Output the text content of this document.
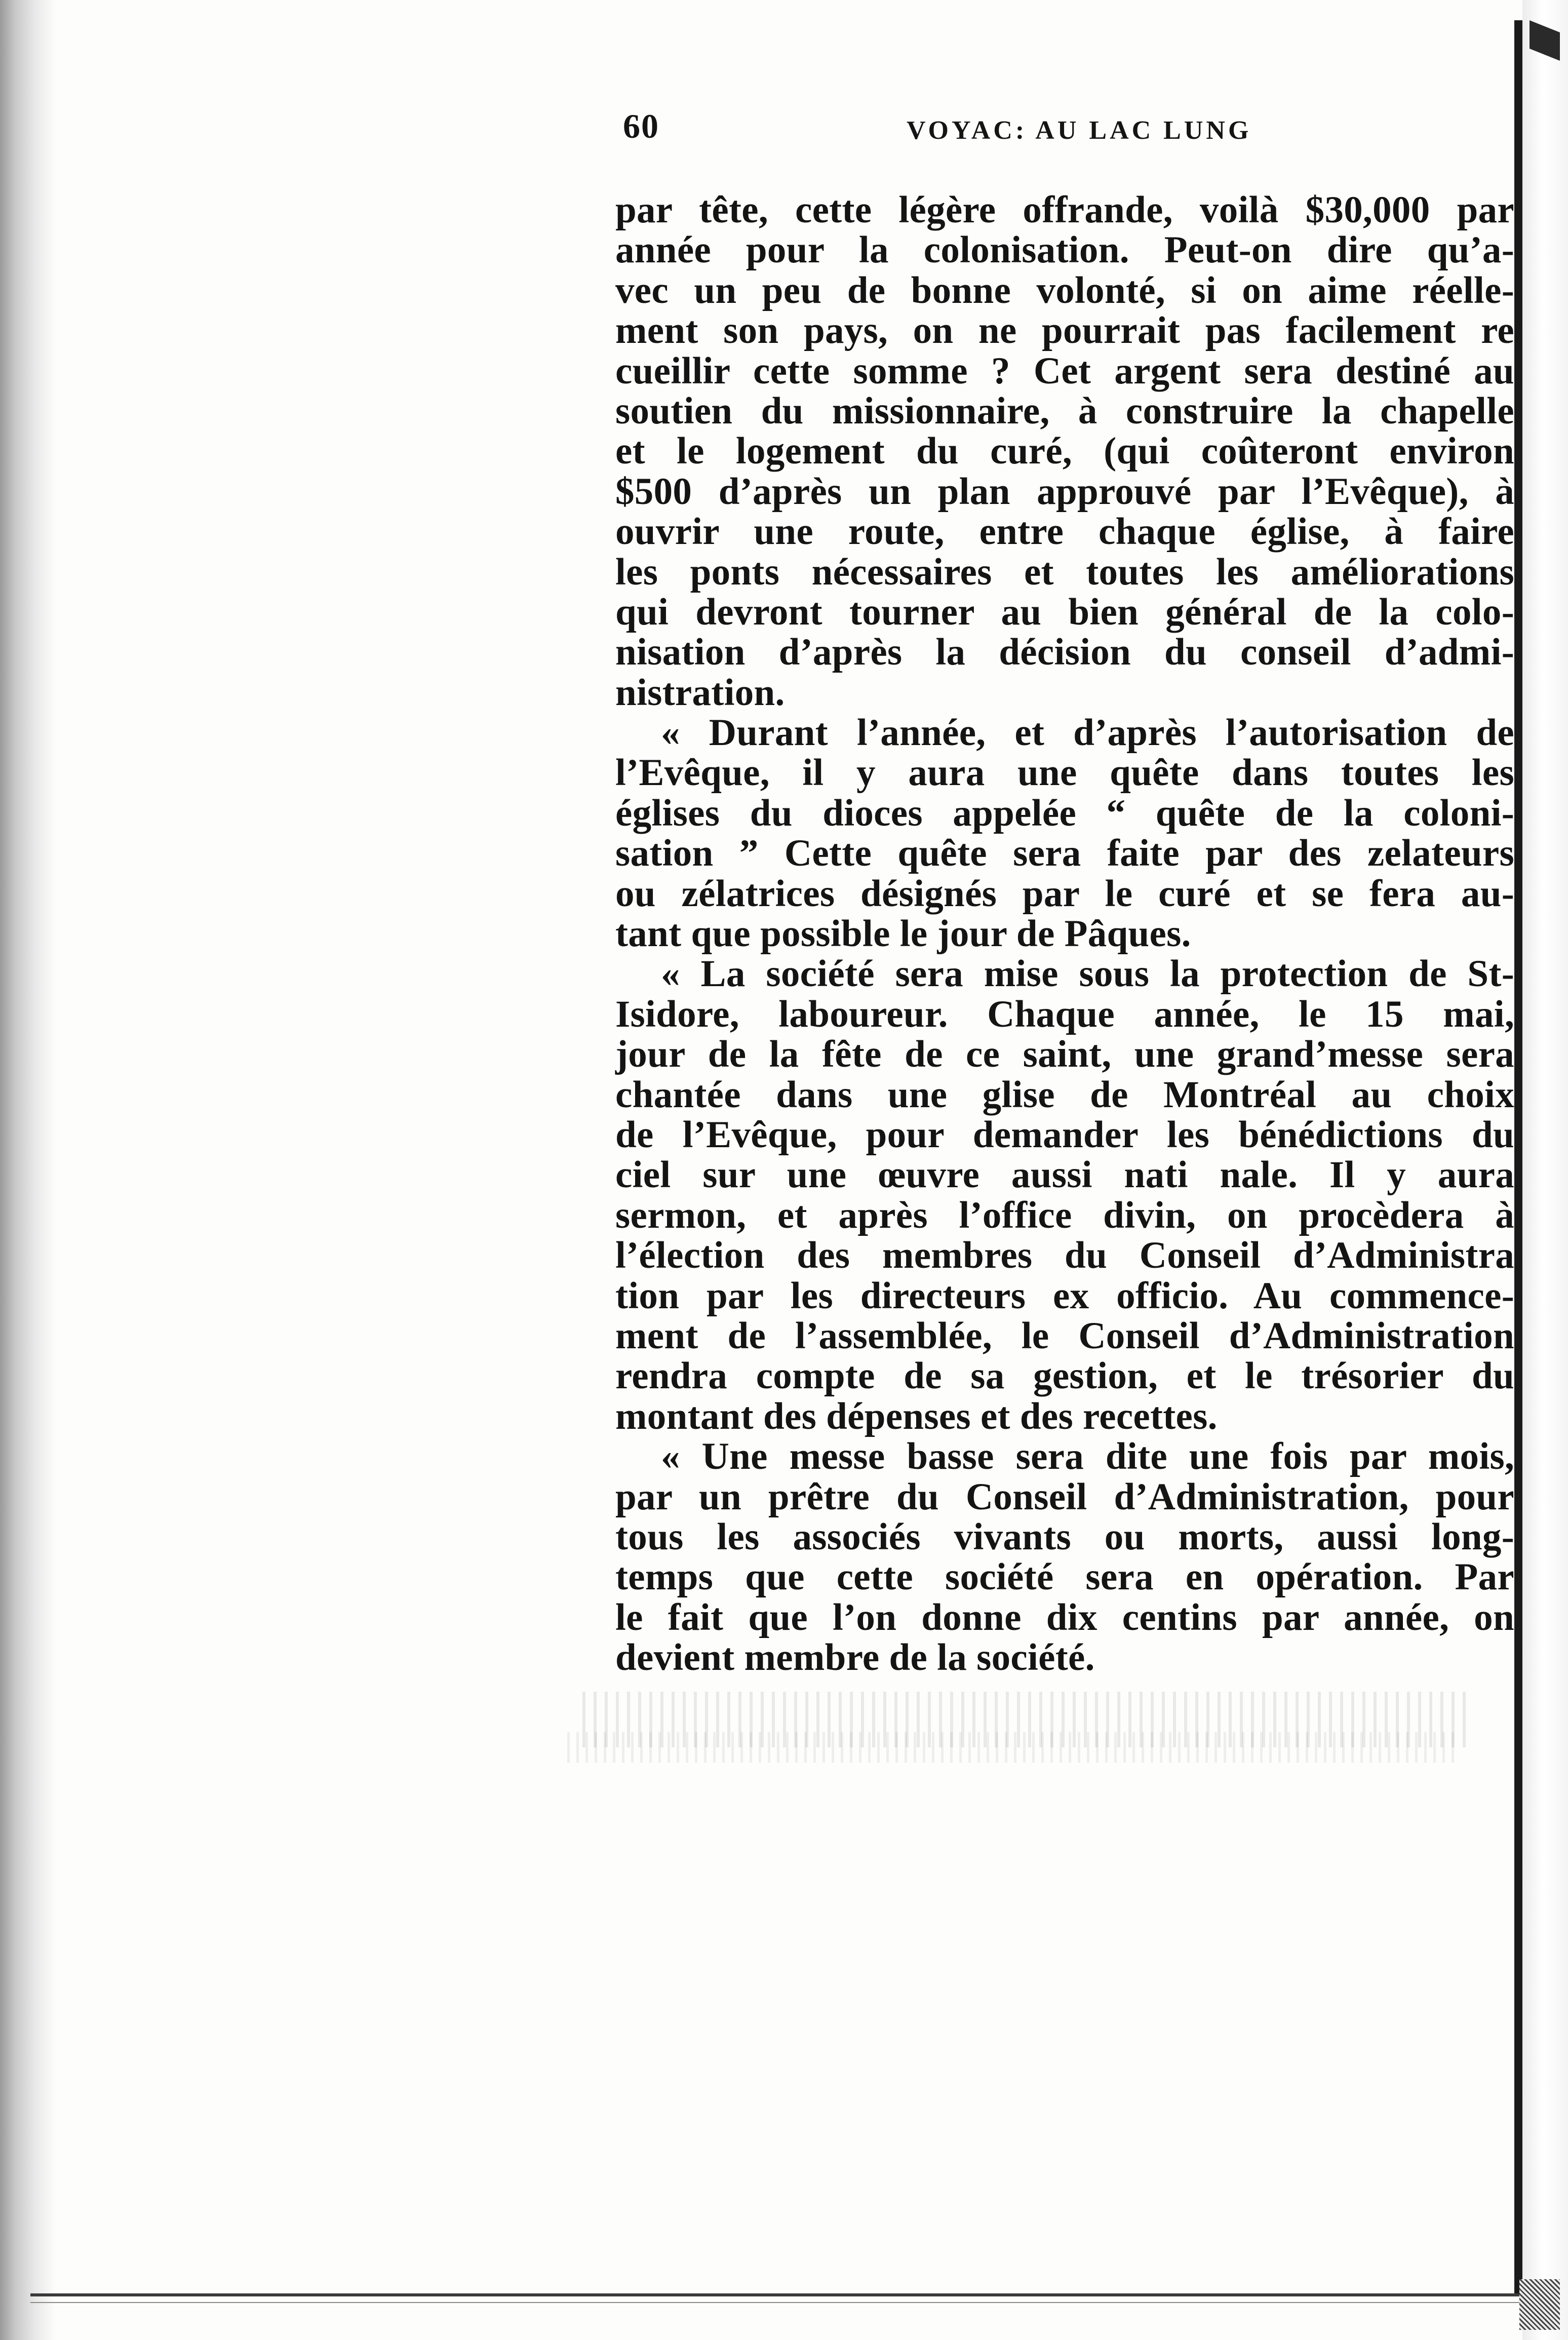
60	VOYAC: AU LAC LUNG
par tête, cette légère offrande, voilà $30,000 par
année pour la colonisation. Peut-on dire qu’a-
vec un peu de bonne volonté, si on aime réelle-
ment son pays, on ne pourrait pas facilement re
cueillir cette somme ? Cet argent sera destiné au
soutien du missionnaire, à construire la chapelle
et le logement du curé, (qui coûteront environ
$500 d’après un plan approuvé par l’Evêque), à
ouvrir une route, entre chaque église, à faire
les ponts nécessaires et toutes les améliorations
qui devront tourner au bien général de la colo-
nisation d’après la décision du conseil d’admi-
nistration.
« Durant l’année, et d’après l’autorisation de
l’Evêque, il y aura une quête dans toutes les
églises du dioces appelée “ quête de la coloni-
sation ” Cette quête sera faite par des zelateurs
ou zélatrices désignés par le curé et se fera au-
tant que possible le jour de Pâques.
« La société sera mise sous la protection de St-
Isidore, laboureur. Chaque année, le 15 mai,
jour de la fête de ce saint, une grand’messe sera
chantée dans une glise de Montréal au choix
de l’Evêque, pour demander les bénédictions du
ciel sur une œuvre aussi nati nale. Il y aura
sermon, et après l’office divin, on procèdera à
l’élection des membres du Conseil d’Administra
tion par les directeurs ex officio. Au commence-
ment de l’assemblée, le Conseil d’Administration
rendra compte de sa gestion, et le trésorier du
montant des dépenses et des recettes.
« Une messe basse sera dite une fois par mois,
par un prêtre du Conseil d’Administration, pour
tous les associés vivants ou morts, aussi long-
temps que cette société sera en opération. Par
le fait que l’on donne dix centins par année, on
devient membre de la société.
